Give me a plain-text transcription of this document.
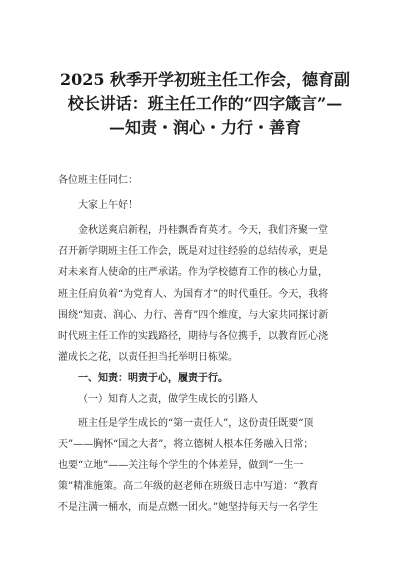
2025 秋季开学初班主任工作会，德育副
校长讲话：班主任工作的“四字箴言”—
—知责・润心・力行・善育
各位班主任同仁：
大家上午好！
金秋送爽启新程，丹桂飘香育英才。今天，我们齐聚一堂
召开新学期班主任工作会，既是对过往经验的总结传承，更是
对未来育人使命的庄严承诺。作为学校德育工作的核心力量，
班主任肩负着“为党育人、为国育才”的时代重任。今天，我将
围绕“知责、润心、力行、善育”四个维度，与大家共同探讨新
时代班主任工作的实践路径，期待与各位携手，以教育匠心浇
灌成长之花，以责任担当托举明日栋梁。
一、知责：明责于心，履责于行。
（一）知育人之责，做学生成长的引路人
班主任是学生成长的“第一责任人”，这份责任既要“顶
天”——胸怀“国之大者”，将立德树人根本任务融入日常；
也要“立地”——关注每个学生的个体差异，做到“一生一
策”精准施策。高二年级的赵老师在班级日志中写道：“教育
不是注满一桶水，而是点燃一团火。”她坚持每天与一名学生
